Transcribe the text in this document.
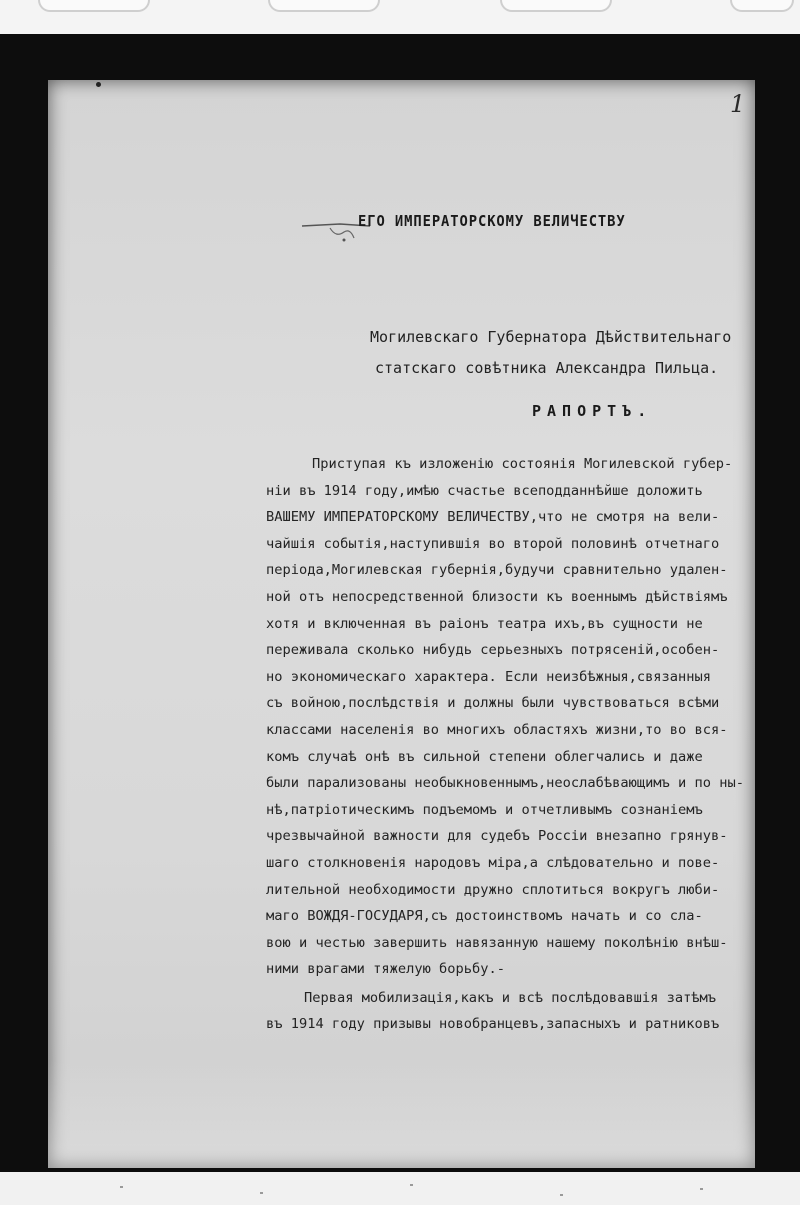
1
ЕГО ИМПЕРАТОРСКОМУ ВЕЛИЧЕСТВУ
Могилевскаго Губернатора Дѣйствительнаго
статскаго совѣтника Александра Пильца.
РАПОРТЪ.
Приступая къ изложенію состоянія Могилевской губер-
ніи въ 1914 году,имѣю счастье всеподданнѣйше доложить
ВАШЕМУ ИМПЕРАТОРСКОМУ ВЕЛИЧЕСТВУ,что не смотря на вели-
чайшія событія,наступившія во второй половинѣ отчетнаго
періода,Могилевская губернія,будучи сравнительно удален-
ной отъ непосредственной близости къ военнымъ дѣйствіямъ
хотя и включенная въ раіонъ театра ихъ,въ сущности не
переживала сколько нибудь серьезныхъ потрясеній,особен-
но экономическаго характера. Если неизбѣжныя,связанныя
съ войною,послѣдствія и должны были чувствоваться всѣми
классами населенія во многихъ областяхъ жизни,то во вся-
комъ случаѣ онѣ въ сильной степени облегчались и даже
были парализованы необыкновеннымъ,неослабѣвающимъ и по ны-
нѣ,патріотическимъ подъемомъ и отчетливымъ сознаніемъ
чрезвычайной важности для судебъ Россіи внезапно грянув-
шаго столкновенія народовъ міра,а слѣдовательно и пове-
лительной необходимости дружно сплотиться вокругъ люби-
маго ВОЖДЯ-ГОСУДАРЯ,съ достоинствомъ начать и со сла-
вою и честью завершить навязанную нашему поколѣнію внѣш-
ними врагами тяжелую борьбу.-
Первая мобилизація,какъ и всѣ послѣдовавшія затѣмъ
въ 1914 году призывы новобранцевъ,запасныхъ и ратниковъ
